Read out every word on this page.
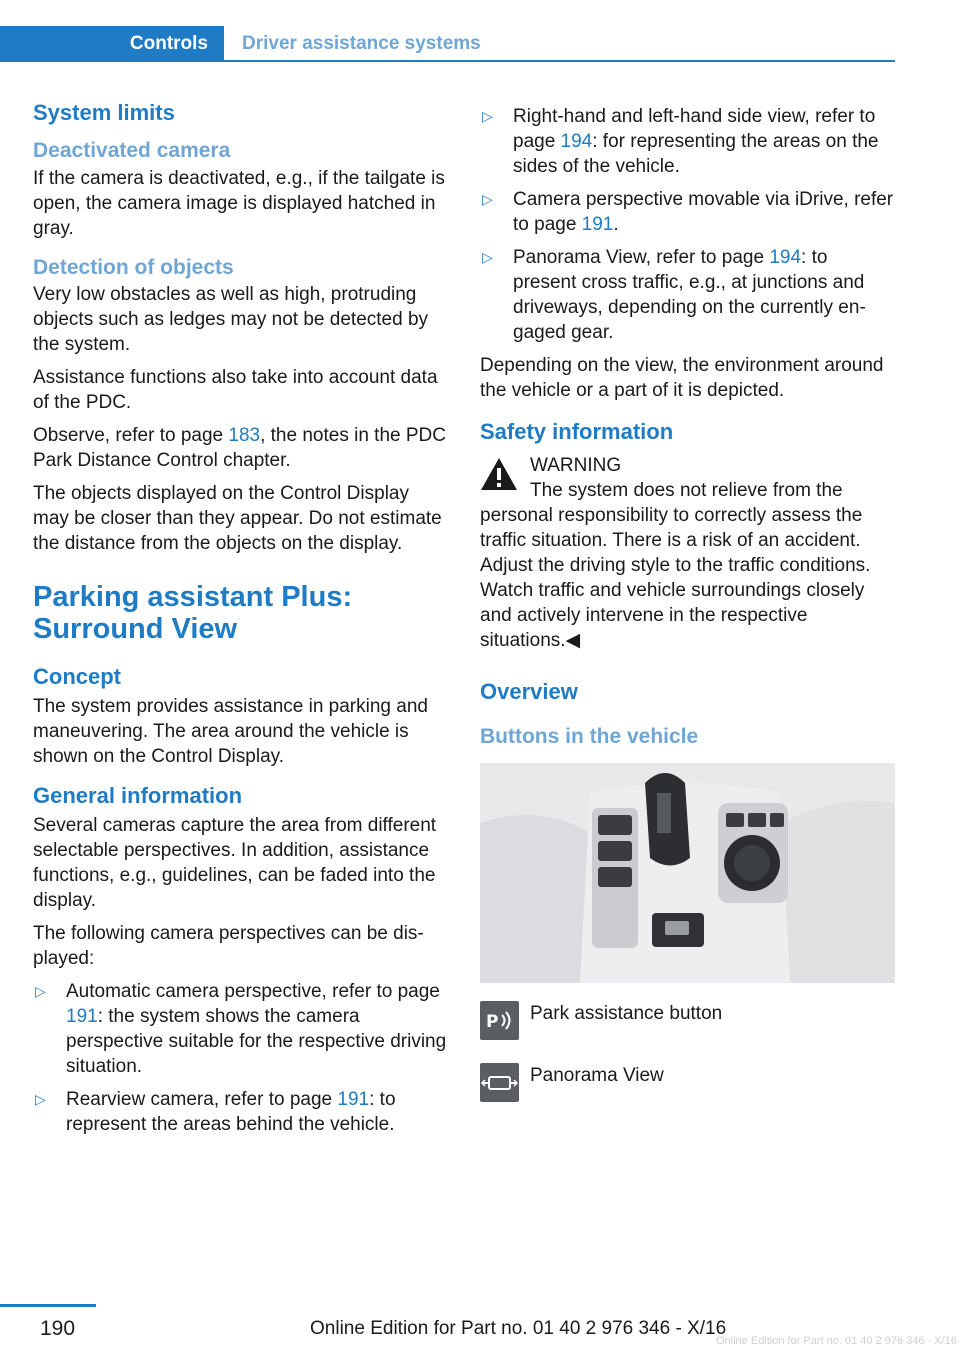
Controls	Driver assistance systems
System limits
Deactivated camera

If the camera is deactivated, e.g., if the tailgate is open, the camera image is displayed hatched in gray.

Detection of objects

Very low obstacles as well as high, protruding objects such as ledges may not be detected by the system.

Assistance functions also take into account data of the PDC.

Observe, refer to page 183, the notes in the PDC Park Distance Control chapter.

The objects displayed on the Control Display may be closer than they appear. Do not estimate the distance from the objects on the display.

Parking assistant Plus:
Surround View
Concept

The system provides assistance in parking and maneuvering. The area around the vehicle is shown on the Control Display.

General information

Several cameras capture the area from different selectable perspectives. In addition, assistance functions, e.g., guidelines, can be faded into the display.

The following camera perspectives can be displayed:

▷ Automatic camera perspective, refer to page 191: the system shows the camera perspective suitable for the respective driving situation.
▷ Rearview camera, refer to page 191: to represent the areas behind the vehicle.
▷ Right-hand and left-hand side view, refer to page 194: for representing the areas on the sides of the vehicle.
▷ Camera perspective movable via iDrive, refer to page 191.
▷ Panorama View, refer to page 194: to present cross traffic, e.g., at junctions and driveways, depending on the currently engaged gear.

Depending on the view, the environment around the vehicle or a part of it is depicted.

Safety information
WARNING
The system does not relieve from the

personal responsibility to correctly assess the traffic situation. There is a risk of an accident. Adjust the driving style to the traffic conditions. Watch traffic and vehicle surroundings closely and actively intervene in the respective situations.◀

Overview
Buttons in the vehicle
P Park assistance button
Panorama View
190	Online Edition for Part no. 01 40 2 976 346 - X/16
Online Edition for Part no. 01 40 2 976 346 - X/16
